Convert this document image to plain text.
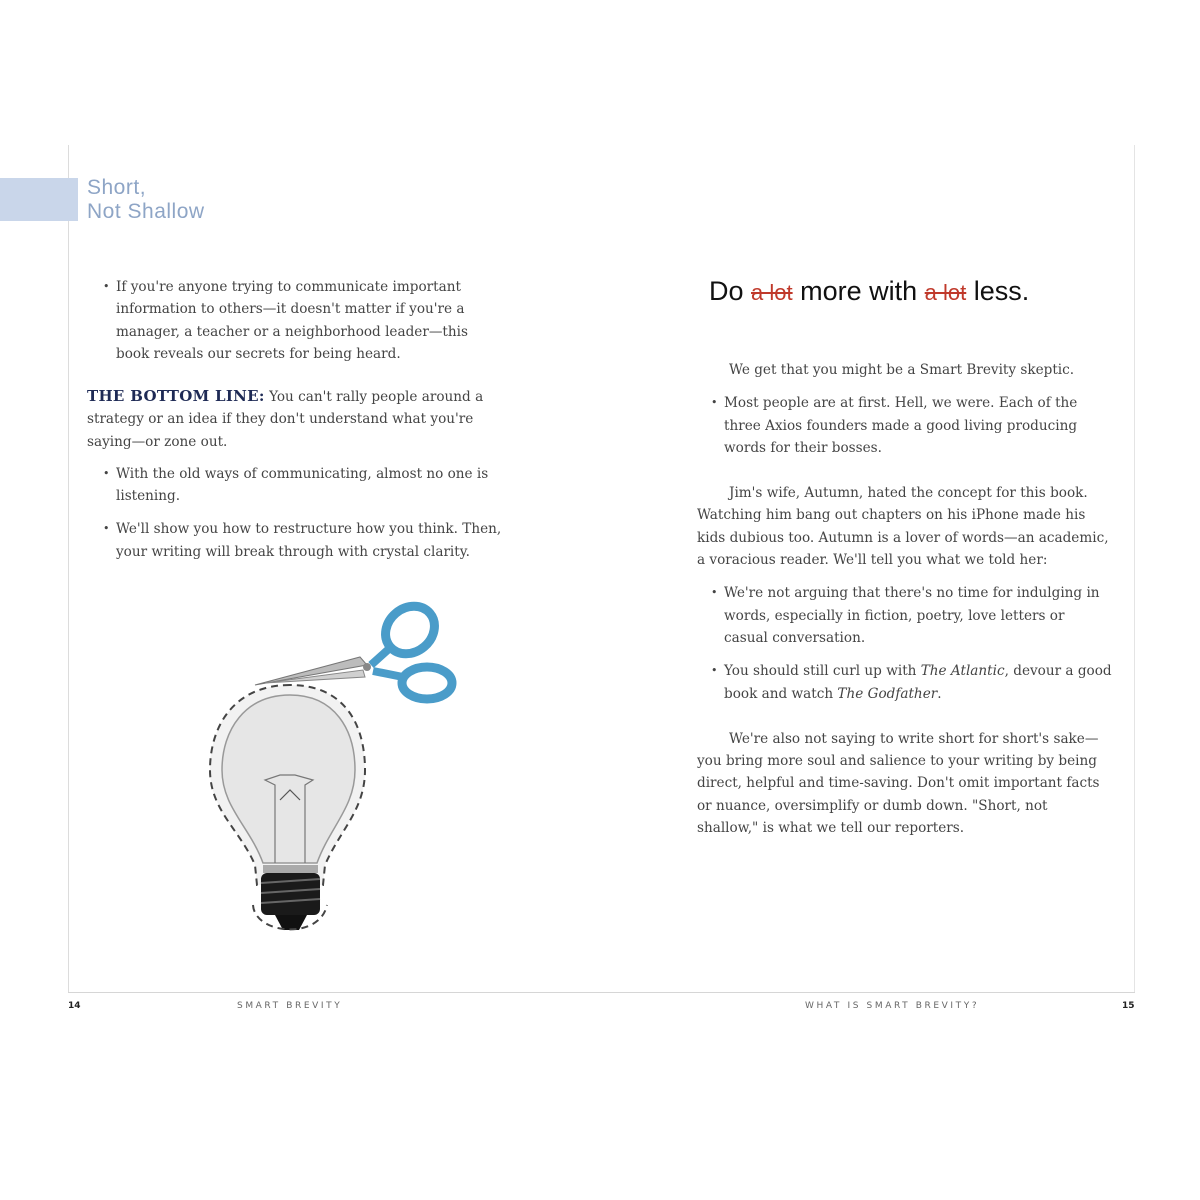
Short,
Not Shallow

• If you're anyone trying to communicate important information to others—it doesn't matter if you're a manager, a teacher or a neighborhood leader—this book reveals our secrets for being heard.

THE BOTTOM LINE: You can't rally people around a strategy or an idea if they don't understand what you're saying—or zone out.

• With the old ways of communicating, almost no one is listening.

• We'll show you how to restructure how you think. Then, your writing will break through with crystal clarity.

Do a lot more with a lot less.

We get that you might be a Smart Brevity skeptic.

• Most people are at first. Hell, we were. Each of the three Axios founders made a good living producing words for their bosses.

Jim's wife, Autumn, hated the concept for this book. Watching him bang out chapters on his iPhone made his kids dubious too. Autumn is a lover of words—an academic, a voracious reader. We'll tell you what we told her:

• We're not arguing that there's no time for indulging in words, especially in fiction, poetry, love letters or casual conversation.

• You should still curl up with The Atlantic, devour a good book and watch The Godfather.

We're also not saying to write short for short's sake—you bring more soul and salience to your writing by being direct, helpful and time-saving. Don't omit important facts or nuance, oversimplify or dumb down. "Short, not shallow," is what we tell our reporters.

14	SMART BREVITY	WHAT IS SMART BREVITY?	15
